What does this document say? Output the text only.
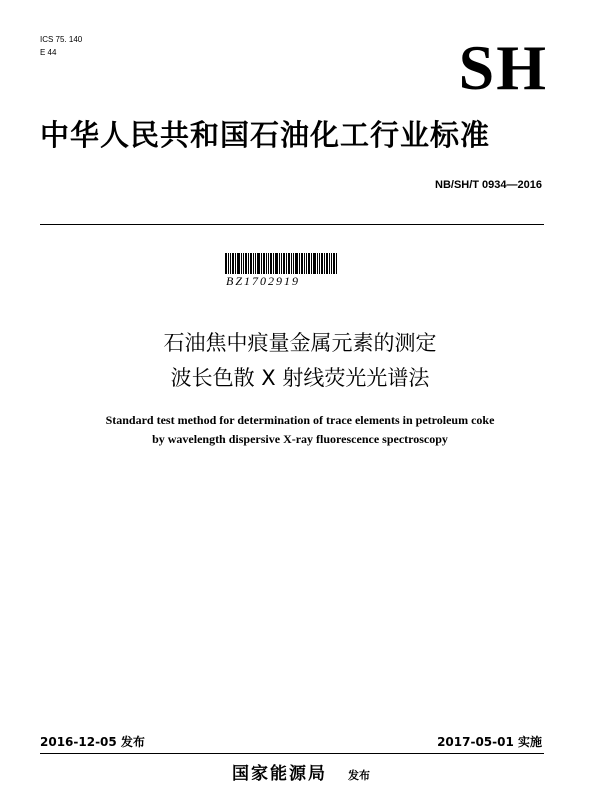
ICS 75. 140
E 44	SH
中华人民共和国石油化工行业标准
NB/SH/T 0934—2016
BZ1702919
石油焦中痕量金属元素的测定
波长色散 X 射线荧光光谱法
Standard test method for determination of trace elements in petroleum coke
by wavelength dispersive X-ray fluorescence spectroscopy
2016-12-05 发布	2017-05-01 实施
国家能源局 发布
